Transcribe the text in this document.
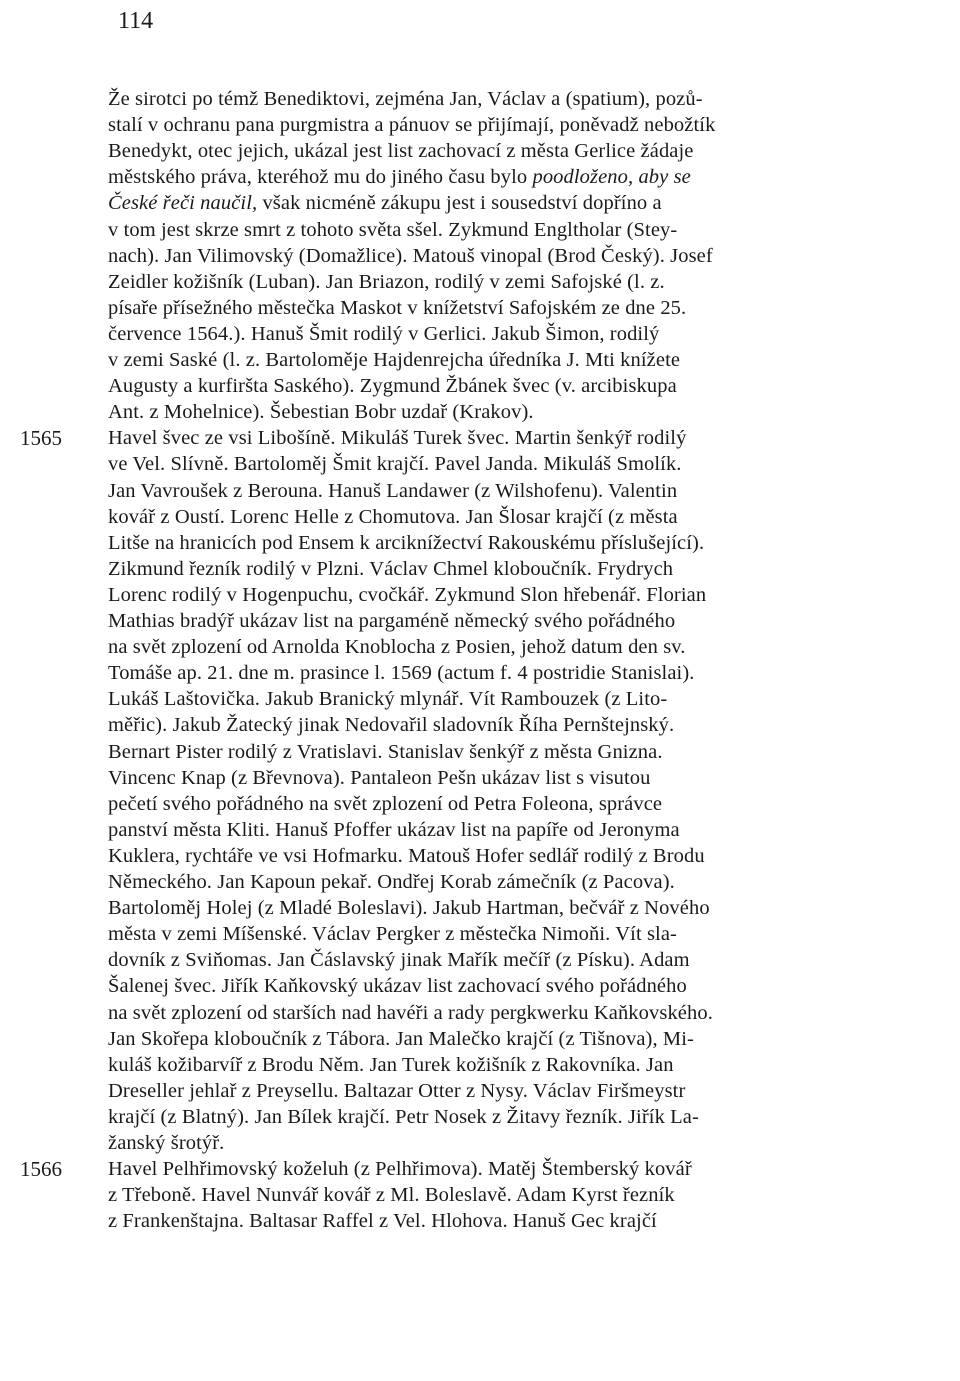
114
Že sirotci po témž Benediktovi, zejména Jan, Václav a (spatium), pozů-
stalí v ochranu pana purgmistra a pánuov se přijímají, poněvadž nebožtík
Benedykt, otec jejich, ukázal jest list zachovací z města Gerlice žádaje
městského práva, kteréhož mu do jiného času bylo poodloženo, aby se
České řeči naučil, však nicméně zákupu jest i sousedství dopříno a
v tom jest skrze smrt z tohoto světa sšel. Zykmund Engltholar (Stey-
nach). Jan Vilimovský (Domažlice). Matouš vinopal (Brod Český). Josef
Zeidler kožišník (Luban). Jan Briazon, rodilý v zemi Safojské (l. z.
písaře přísežného městečka Maskot v knížetství Safojském ze dne 25.
července 1564.). Hanuš Šmit rodilý v Gerlici. Jakub Šimon, rodilý
v zemi Saské (l. z. Bartoloměje Hajdenrejcha úředníka J. Mti knížete
Augusty a kurfiršta Saského). Zygmund Žbánek švec (v. arcibiskupa
Ant. z Mohelnice). Šebestian Bobr uzdař (Krakov).
1565 Havel švec ze vsi Libošíně. Mikuláš Turek švec. Martin šenkýř rodilý
ve Vel. Slívně. Bartoloměj Šmit krajčí. Pavel Janda. Mikuláš Smolík.
Jan Vavroušek z Berouna. Hanuš Landawer (z Wilshofenu). Valentin
kovář z Oustí. Lorenc Helle z Chomutova. Jan Šlosar krajčí (z města
Litše na hranicích pod Ensem k arciknížectví Rakouskému příslušející).
Zikmund řezník rodilý v Plzni. Václav Chmel kloboučník. Frydrych
Lorenc rodilý v Hogenpuchu, cvočkář. Zykmund Slon hřebenář. Florian
Mathias bradýř ukázav list na pargaméně německý svého pořádného
na svět zplození od Arnolda Knoblocha z Posien, jehož datum den sv.
Tomáše ap. 21. dne m. prasince l. 1569 (actum f. 4 postridie Stanislai).
Lukáš Laštovička. Jakub Branický mlynář. Vít Rambouzek (z Lito-
měřic). Jakub Žatecký jinak Nedovařil sladovník Říha Pernštejnský.
Bernart Pister rodilý z Vratislavi. Stanislav šenkýř z města Gnizna.
Vincenc Knap (z Břevnova). Pantaleon Pešn ukázav list s visutou
pečetí svého pořádného na svět zplození od Petra Foleona, správce
panství města Kliti. Hanuš Pfoffer ukázav list na papíře od Jeronyma
Kuklera, rychtáře ve vsi Hofmarku. Matouš Hofer sedlář rodilý z Brodu
Německého. Jan Kapoun pekař. Ondřej Korab zámečník (z Pacova).
Bartoloměj Holej (z Mladé Boleslavi). Jakub Hartman, bečvář z Nového
města v zemi Míšenské. Václav Pergker z městečka Nimoňi. Vít sla-
dovník z Sviňomas. Jan Čáslavský jinak Mařík mečíř (z Písku). Adam
Šalenej švec. Jiřík Kaňkovský ukázav list zachovací svého pořádného
na svět zplození od starších nad havéři a rady pergkwerku Kaňkovského.
Jan Skořepa kloboučník z Tábora. Jan Malečko krajčí (z Tišnova), Mi-
kuláš kožibarvíř z Brodu Něm. Jan Turek kožišník z Rakovníka. Jan
Dreseller jehlař z Preysellu. Baltazar Otter z Nysy. Václav Firšmeystr
krajčí (z Blatný). Jan Bílek krajčí. Petr Nosek z Žitavy řezník. Jiřík La-
žanský šrotýř.
1566 Havel Pelhřimovský koželuh (z Pelhřimova). Matěj Štemberský kovář
z Třeboně. Havel Nunvář kovář z Ml. Boleslavě. Adam Kyrst řezník
z Frankenštajna. Baltasar Raffel z Vel. Hlohova. Hanuš Gec krajčí
